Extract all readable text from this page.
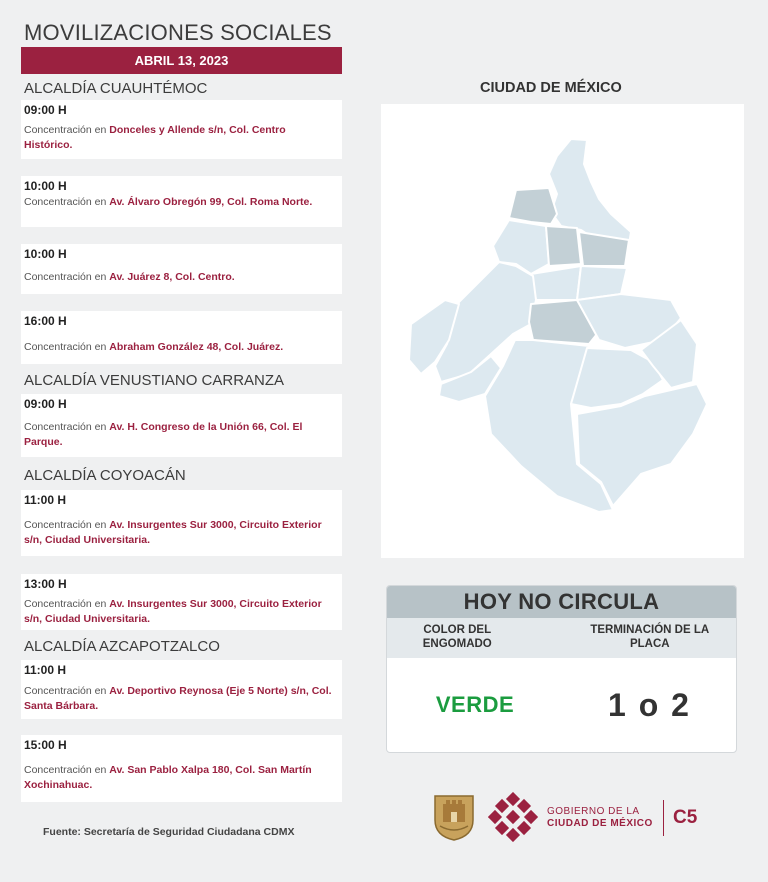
MOVILIZACIONES SOCIALES
ABRIL 13, 2023
ALCALDÍA CUAUHTÉMOC
09:00 H
Concentración en Donceles y Allende s/n, Col. Centro Histórico.
10:00 H
Concentración en Av. Álvaro Obregón 99, Col. Roma Norte.
10:00 H
Concentración en Av. Juárez 8, Col. Centro.
16:00 H
Concentración en Abraham González 48, Col. Juárez.
ALCALDÍA VENUSTIANO CARRANZA
09:00 H
Concentración en Av. H. Congreso de la Unión 66, Col. El Parque.
ALCALDÍA COYOACÁN
11:00 H
Concentración en Av. Insurgentes Sur 3000, Circuito Exterior s/n, Ciudad Universitaria.
13:00 H
Concentración en Av. Insurgentes Sur 3000, Circuito Exterior s/n, Ciudad Universitaria.
ALCALDÍA AZCAPOTZALCO
11:00 H
Concentración en Av. Deportivo Reynosa (Eje 5 Norte) s/n, Col. Santa Bárbara.
15:00 H
Concentración en Av. San Pablo Xalpa 180, Col. San Martín Xochinahuac.
Fuente: Secretaría de Seguridad Ciudadana CDMX
CIUDAD DE MÉXICO
HOY NO CIRCULA
COLOR DEL ENGOMADO
TERMINACIÓN DE LA PLACA
VERDE	1 o 2
GOBIERNO DE LA
CIUDAD DE MÉXICO C5
